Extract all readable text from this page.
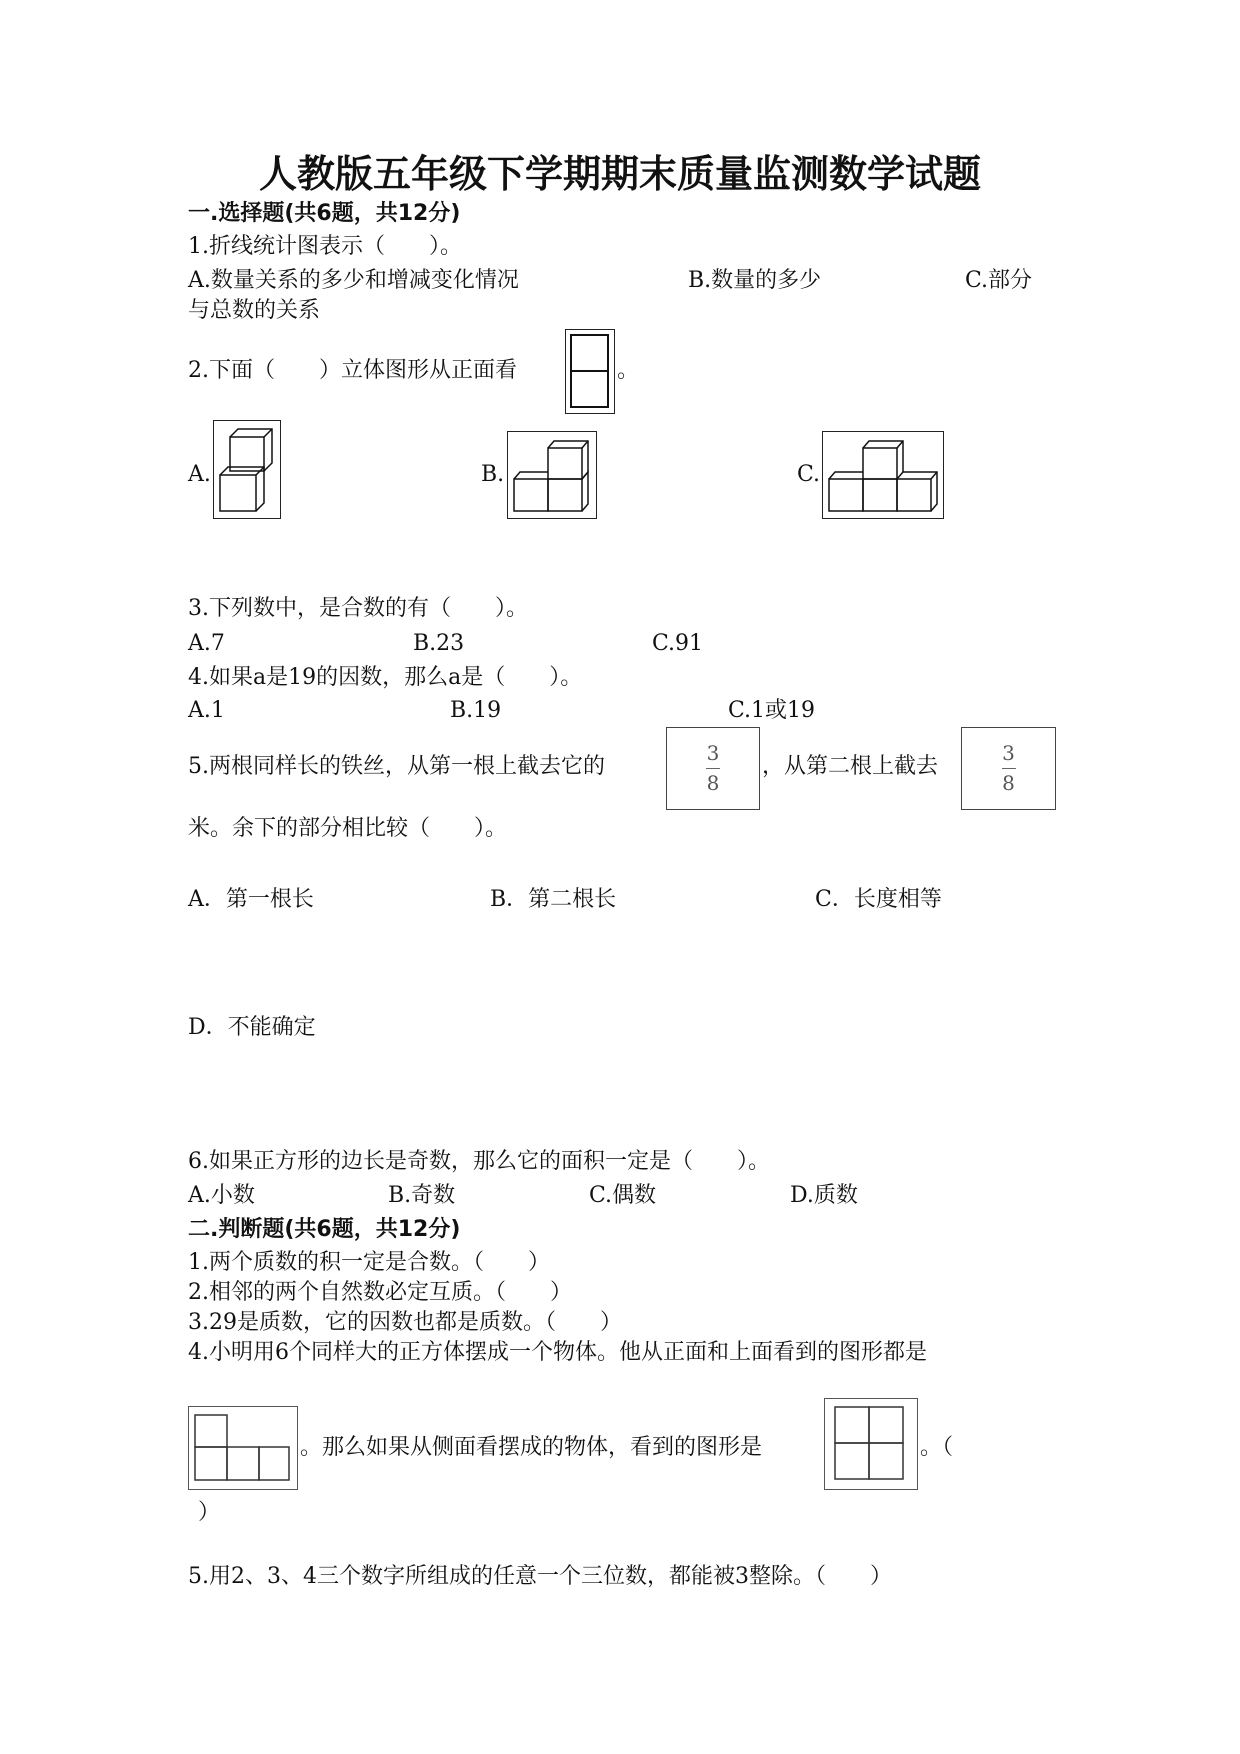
人教版五年级下学期期末质量监测数学试题
一.选择题(共6题，共12分)
1.折线统计图表示（　　）。
A.数量关系的多少和增减变化情况	B.数量的多少	C.部分
与总数的关系
2.下面（　　）立体图形从正面看	。
A.	B.	C.
3.下列数中，是合数的有（　　）。
A.7	B.23	C.91
4.如果a是19的因数，那么a是（　　）。
A.1	B.19	C.1或19
5.两根同样长的铁丝，从第一根上截去它的
3
8
，从第二根上截去
3
8
米。余下的部分相比较（　　）。
A．第一根长	B．第二根长	C．长度相等
D．不能确定
6.如果正方形的边长是奇数，那么它的面积一定是（　　）。
A.小数	B.奇数	C.偶数	D.质数
二.判断题(共6题，共12分)
1.两个质数的积一定是合数。（　　）
2.相邻的两个自然数必定互质。（　　）
3.29是质数，它的因数也都是质数。（　　）
4.小明用6个同样大的正方体摆成一个物体。他从正面和上面看到的图形都是
。那么如果从侧面看摆成的物体，看到的图形是	。（
）
5.用2、3、4三个数字所组成的任意一个三位数，都能被3整除。（　　）
